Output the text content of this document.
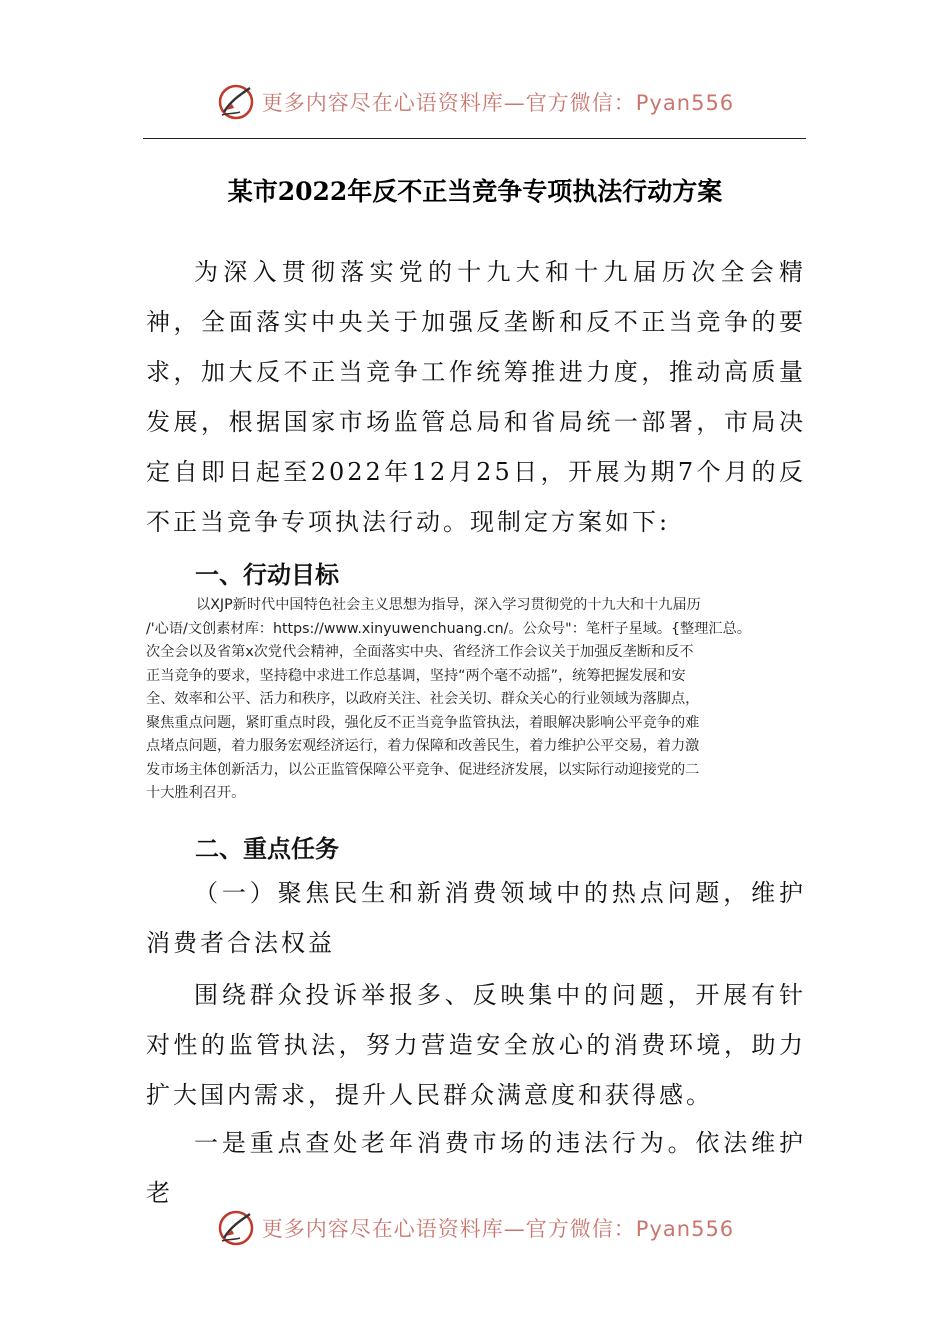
更多内容尽在心语资料库—官方微信：Pyan556
某市2022年反不正当竞争专项执法行动方案

为深入贯彻落实党的十九大和十九届历次全会精神，全面落实中央关于加强反垄断和反不正当竞争的要求，加大反不正当竞争工作统筹推进力度，推动高质量发展，根据国家市场监管总局和省局统一部署，市局决定自即日起至2022年12月25日，开展为期7个月的反不正当竞争专项执法行动。现制定方案如下:

一、行动目标
以XJP新时代中国特色社会主义思想为指导，深入学习贯彻党的十九大和十九届历
/'心语/文创素材库：https://www.xinyuwenchuang.cn/。公众号"：笔杆子星域。{整理汇总。
次全会以及省第x次党代会精神，全面落实中央、省经济工作会议关于加强反垄断和反不
正当竞争的要求，坚持稳中求进工作总基调，坚持“两个毫不动摇”，统筹把握发展和安
全、效率和公平、活力和秩序，以政府关注、社会关切、群众关心的行业领域为落脚点，
聚焦重点问题，紧盯重点时段，强化反不正当竞争监管执法，着眼解决影响公平竞争的难
点堵点问题，着力服务宏观经济运行，着力保障和改善民生，着力维护公平交易，着力激
发市场主体创新活力，以公正监管保障公平竞争、促进经济发展，以实际行动迎接党的二
十大胜利召开。
二、重点任务

（一）聚焦民生和新消费领域中的热点问题，维护消费者合法权益

围绕群众投诉举报多、反映集中的问题，开展有针对性的监管执法，努力营造安全放心的消费环境，助力扩大国内需求，提升人民群众满意度和获得感。

一是重点查处老年消费市场的违法行为。依法维护老

更多内容尽在心语资料库—官方微信：Pyan556
